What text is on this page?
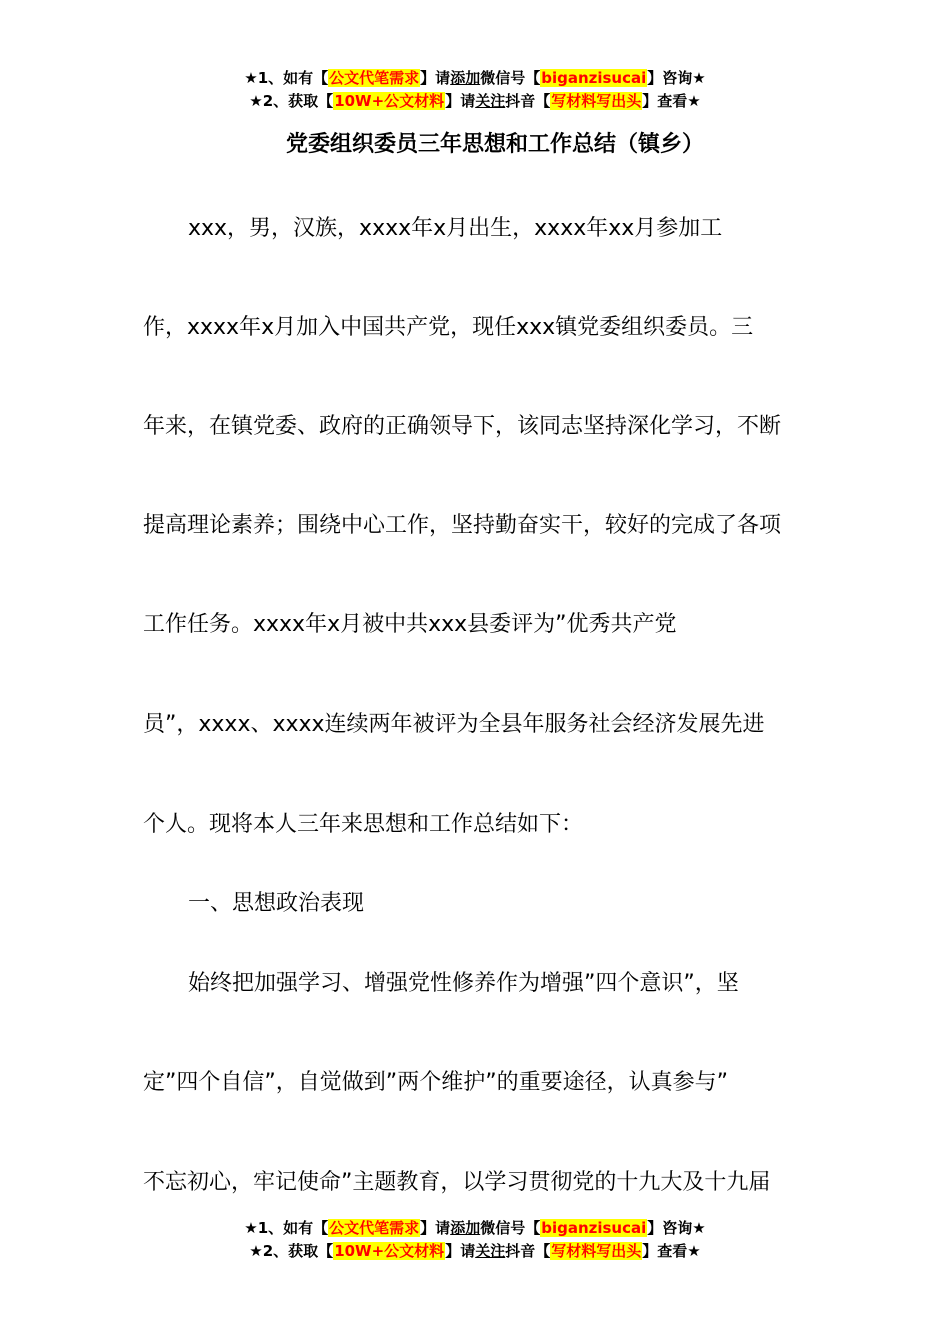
★1、如有【公文代笔需求】请添加微信号【biganzisucai】咨询★
★2、获取【10W+公文材料】请关注抖音【写材料写出头】查看★
党委组织委员三年思想和工作总结（镇乡）
xxx，男，汉族，xxxx年x月出生，xxxx年xx月参加工
作，xxxx年x月加入中国共产党，现任xxx镇党委组织委员。三
年来，在镇党委、政府的正确领导下，该同志坚持深化学习，不断
提高理论素养；围绕中心工作，坚持勤奋实干，较好的完成了各项
工作任务。xxxx年x月被中共xxx县委评为”优秀共产党
员”，xxxx、xxxx连续两年被评为全县年服务社会经济发展先进
个人。现将本人三年来思想和工作总结如下：
一、思想政治表现
始终把加强学习、增强党性修养作为增强”四个意识”，坚
定”四个自信”，自觉做到”两个维护”的重要途径，认真参与”
不忘初心，牢记使命”主题教育，以学习贯彻党的十九大及十九届
★1、如有【公文代笔需求】请添加微信号【biganzisucai】咨询★
★2、获取【10W+公文材料】请关注抖音【写材料写出头】查看★
